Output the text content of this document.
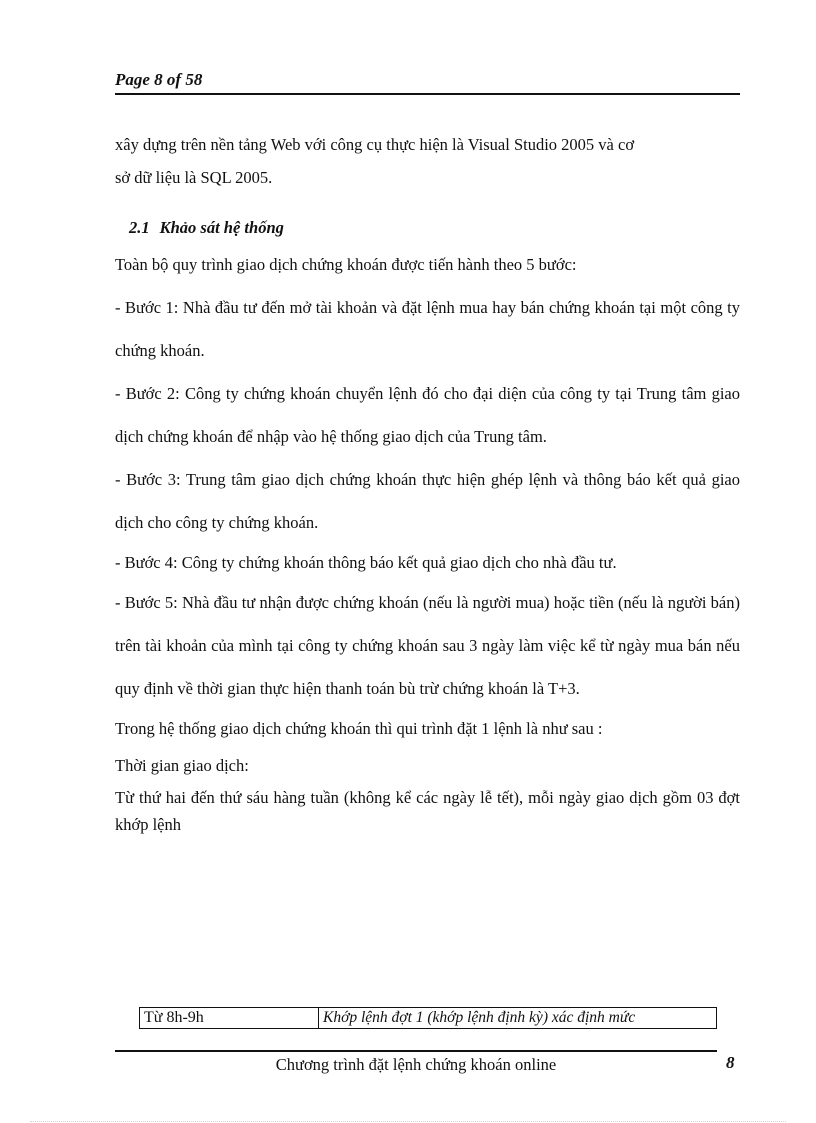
Page 8 of 58

xây dựng trên nền tảng Web với công cụ thực hiện là Visual Studio 2005 và cơ
sở dữ liệu là SQL 2005.

2.1 Khảo sát hệ thống

Toàn bộ quy trình giao dịch chứng khoán được tiến hành theo 5 bước:

- Bước 1: Nhà đầu tư đến mở tài khoản và đặt lệnh mua hay bán chứng khoán tại một công ty chứng khoán.

- Bước 2: Công ty chứng khoán chuyển lệnh đó cho đại diện của công ty tại Trung tâm giao dịch chứng khoán để nhập vào hệ thống giao dịch của Trung tâm.

- Bước 3: Trung tâm giao dịch chứng khoán thực hiện ghép lệnh và thông báo kết quả giao dịch cho công ty chứng khoán.

- Bước 4: Công ty chứng khoán thông báo kết quả giao dịch cho nhà đầu tư.

- Bước 5: Nhà đầu tư nhận được chứng khoán (nếu là người mua) hoặc tiền (nếu là người bán) trên tài khoản của mình tại công ty chứng khoán sau 3 ngày làm việc kể từ ngày mua bán nếu quy định về thời gian thực hiện thanh toán bù trừ chứng khoán là T+3.

Trong hệ thống giao dịch chứng khoán thì qui trình đặt 1 lệnh là như sau :

Thời gian giao dịch:

Từ thứ hai đến thứ sáu hàng tuần (không kể các ngày lễ tết), mỗi ngày giao dịch gồm 03 đợt khớp lệnh

Từ 8h-9h	Khớp lệnh đợt 1 (khớp lệnh định kỳ) xác định mức
Chương trình đặt lệnh chứng khoán online	8
